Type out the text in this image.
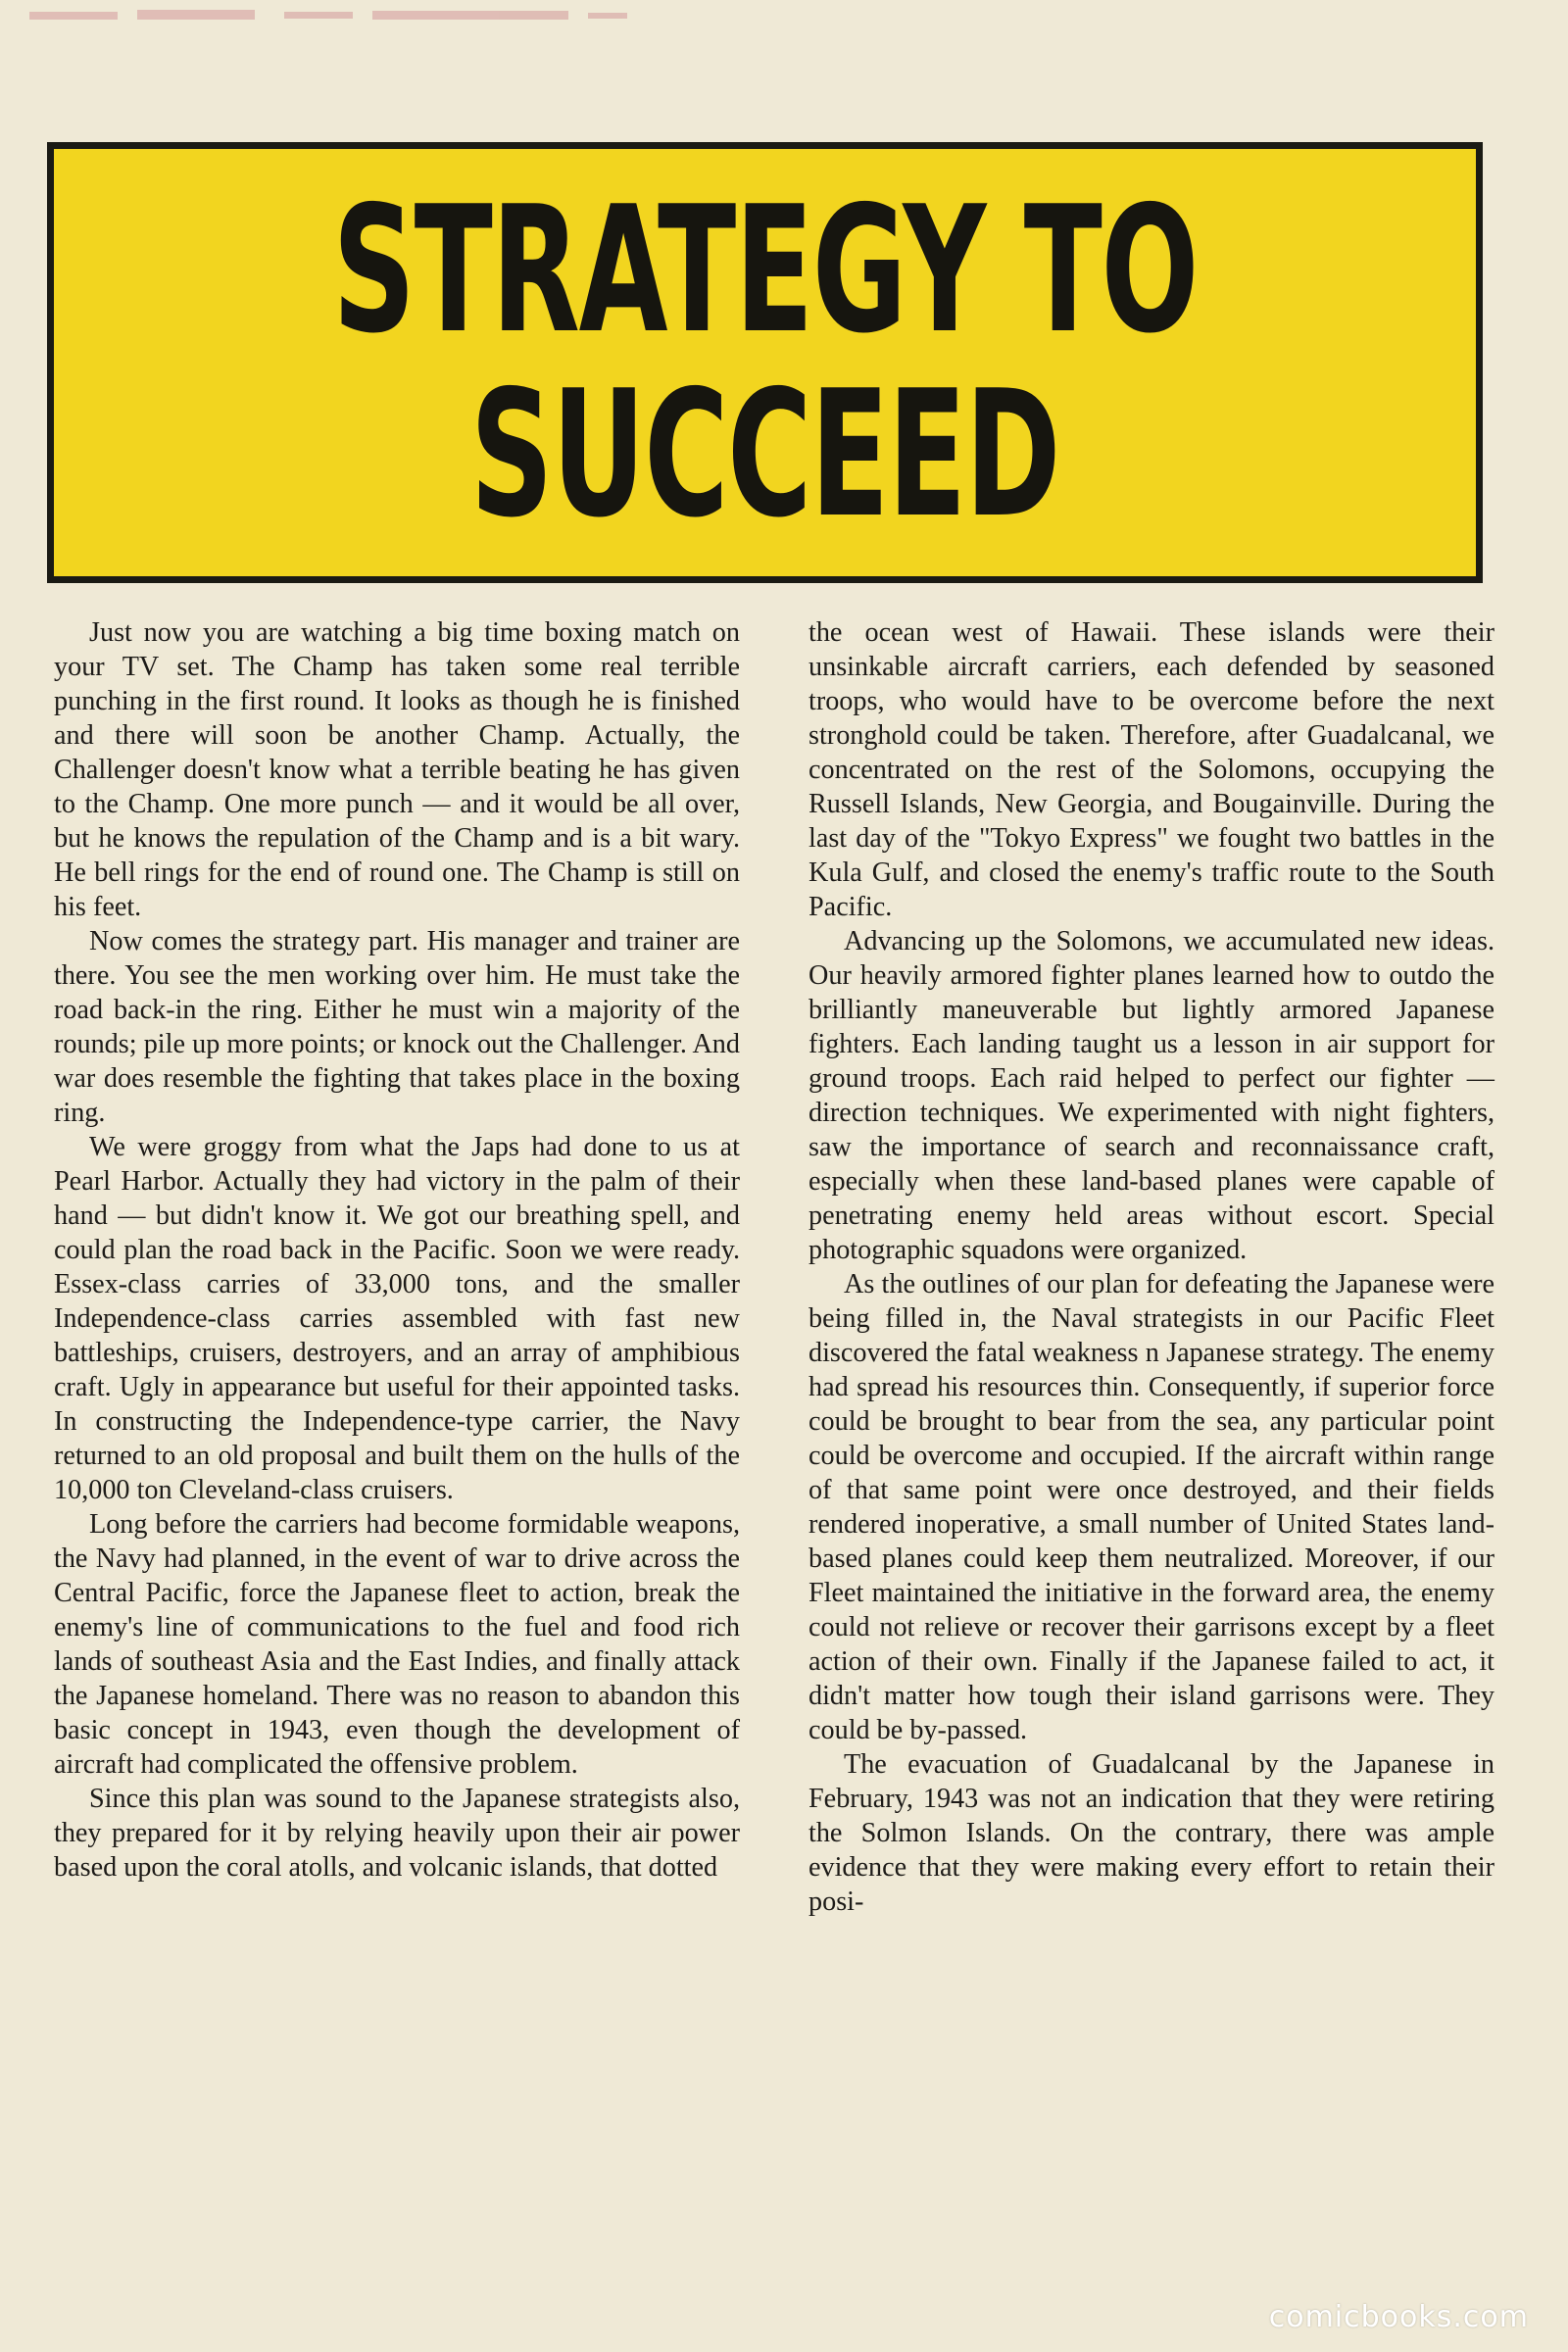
STRATEGY TO
SUCCEED

Just now you are watching a big time boxing match on your TV set. The Champ has taken some real terrible punching in the first round. It looks as though he is finished and there will soon be another Champ. Actually, the Challenger doesn't know what a terrible beating he has given to the Champ. One more punch — and it would be all over, but he knows the repulation of the Champ and is a bit wary. He bell rings for the end of round one. The Champ is still on his feet.

Now comes the strategy part. His manager and trainer are there. You see the men working over him. He must take the road back-in the ring. Either he must win a majority of the rounds; pile up more points; or knock out the Challenger. And war does resemble the fighting that takes place in the boxing ring.

We were groggy from what the Japs had done to us at Pearl Harbor. Actually they had victory in the palm of their hand — but didn't know it. We got our breathing spell, and could plan the road back in the Pacific. Soon we were ready. Essex-class carries of 33,000 tons, and the smaller Independence-class carries assembled with fast new battleships, cruisers, destroyers, and an array of amphibious craft. Ugly in appearance but useful for their appointed tasks. In constructing the Independence-type carrier, the Navy returned to an old proposal and built them on the hulls of the 10,000 ton Cleveland-class cruisers.

Long before the carriers had become formidable weapons, the Navy had planned, in the event of war to drive across the Central Pacific, force the Japanese fleet to action, break the enemy's line of communications to the fuel and food rich lands of southeast Asia and the East Indies, and finally attack the Japanese homeland. There was no reason to abandon this basic concept in 1943, even though the development of aircraft had complicated the offensive problem.

Since this plan was sound to the Japanese strategists also, they prepared for it by relying heavily upon their air power based upon the coral atolls, and volcanic islands, that dotted

the ocean west of Hawaii. These islands were their unsinkable aircraft carriers, each defended by seasoned troops, who would have to be overcome before the next stronghold could be taken. Therefore, after Guadalcanal, we concentrated on the rest of the Solomons, occupying the Russell Islands, New Georgia, and Bougainville. During the last day of the "Tokyo Express" we fought two battles in the Kula Gulf, and closed the enemy's traffic route to the South Pacific.

Advancing up the Solomons, we accumulated new ideas. Our heavily armored fighter planes learned how to outdo the brilliantly maneuverable but lightly armored Japanese fighters. Each landing taught us a lesson in air support for ground troops. Each raid helped to perfect our fighter — direction techniques. We experimented with night fighters, saw the importance of search and reconnaissance craft, especially when these land-based planes were capable of penetrating enemy held areas without escort. Special photographic squadons were organized.

As the outlines of our plan for defeating the Japanese were being filled in, the Naval strategists in our Pacific Fleet discovered the fatal weakness n Japanese strategy. The enemy had spread his resources thin. Consequently, if superior force could be brought to bear from the sea, any particular point could be overcome and occupied. If the aircraft within range of that same point were once destroyed, and their fields rendered inoperative, a small number of United States land-based planes could keep them neutralized. Moreover, if our Fleet maintained the initiative in the forward area, the enemy could not relieve or recover their garrisons except by a fleet action of their own. Finally if the Japanese failed to act, it didn't matter how tough their island garrisons were. They could be by-passed.

The evacuation of Guadalcanal by the Japanese in February, 1943 was not an indication that they were retiring the Solmon Islands. On the contrary, there was ample evidence that they were making every effort to retain their posi-

comicbooks.com
